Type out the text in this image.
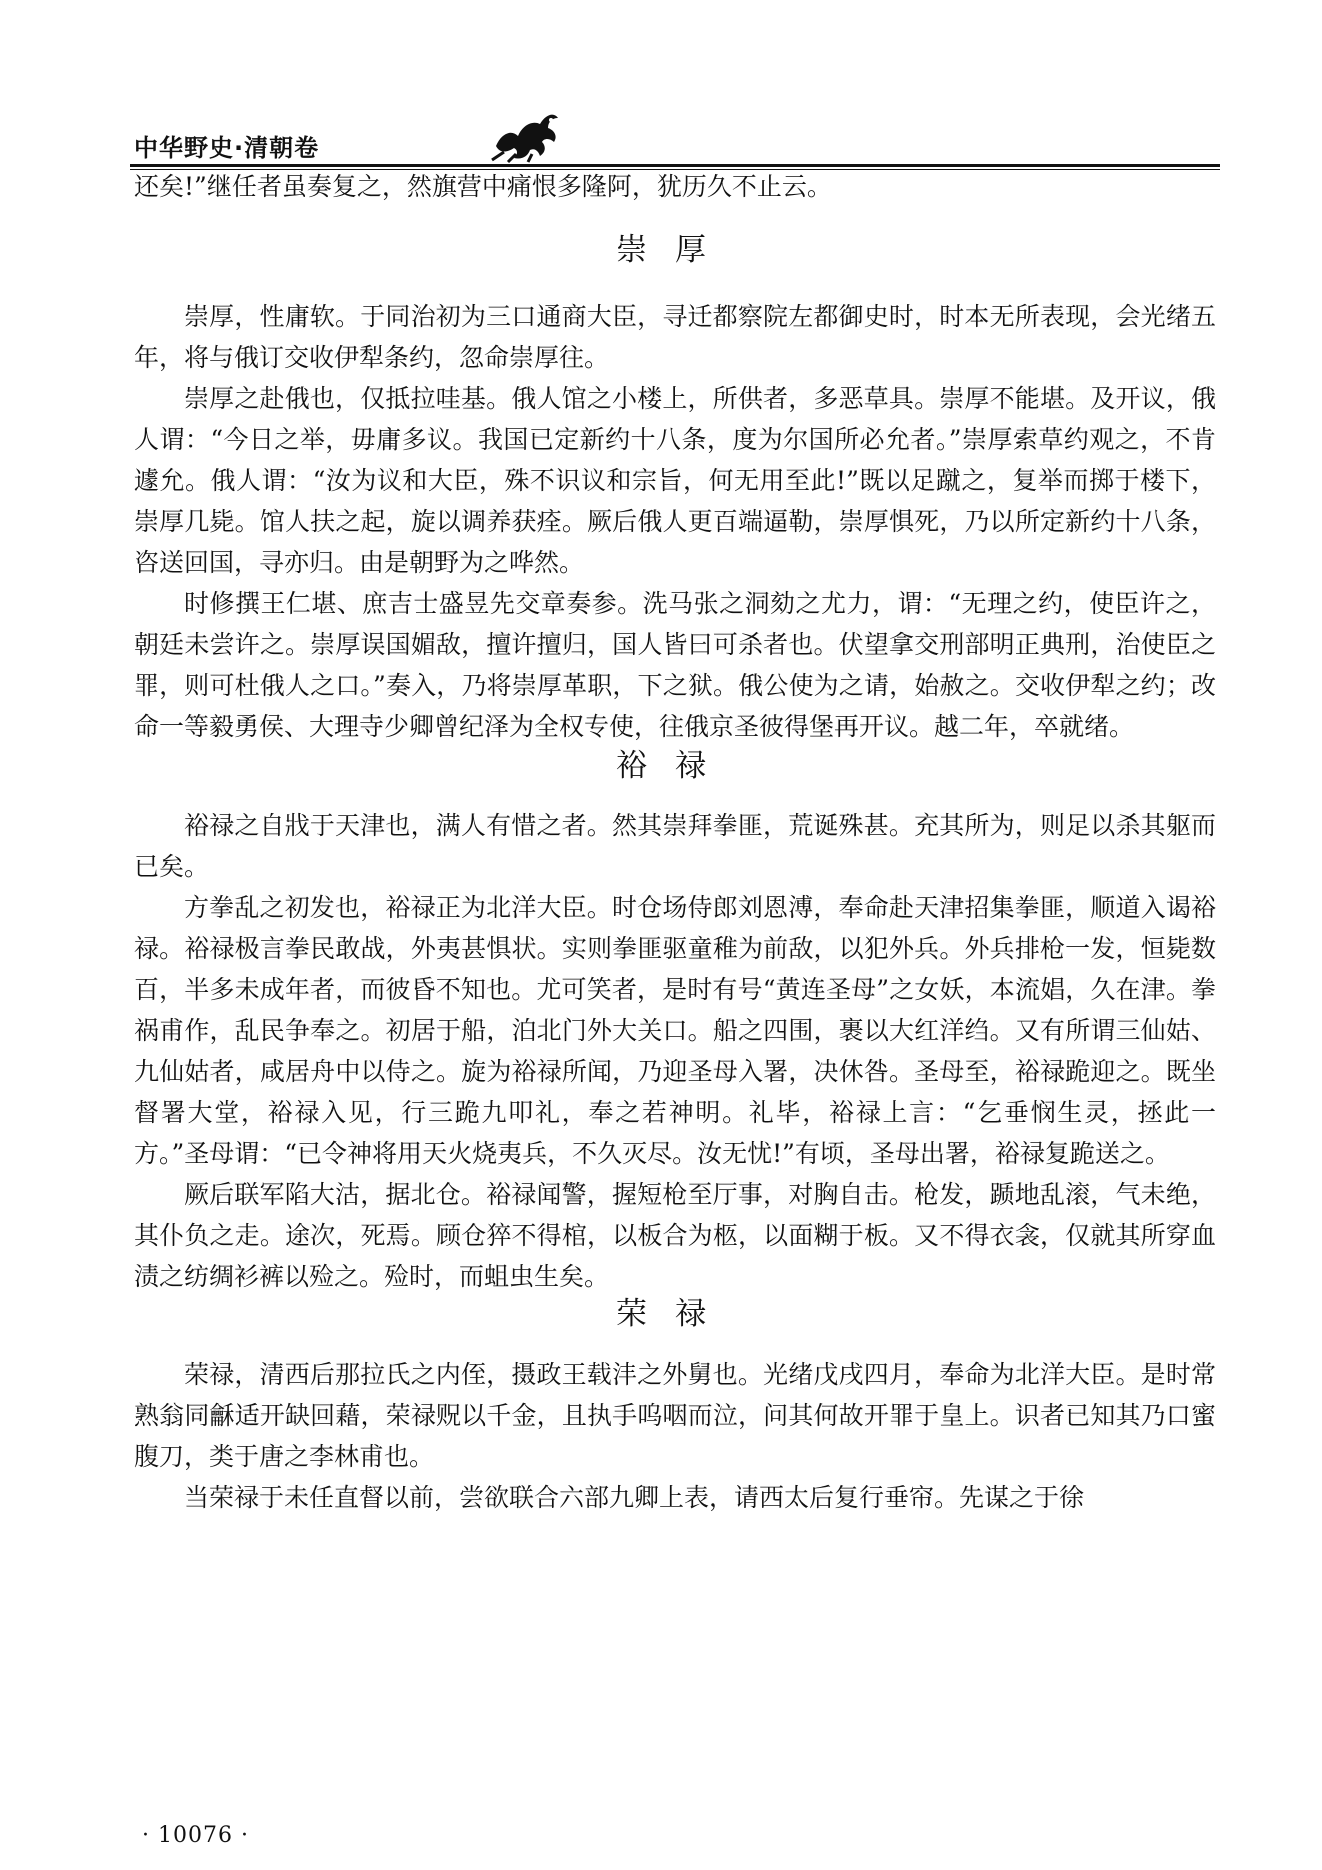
中华野史·清朝卷

还矣!”继任者虽奏复之，然旗营中痛恨多隆阿，犹历久不止云。

崇厚

崇厚，性庸软。于同治初为三口通商大臣，寻迁都察院左都御史时，时本无所表现，会光绪五年，将与俄订交收伊犁条约，忽命崇厚往。

崇厚之赴俄也，仅抵拉哇基。俄人馆之小楼上，所供者，多恶草具。崇厚不能堪。及开议，俄人谓：“今日之举，毋庸多议。我国已定新约十八条，度为尔国所必允者。”崇厚索草约观之，不肯遽允。俄人谓：“汝为议和大臣，殊不识议和宗旨，何无用至此!”既以足蹴之，复举而掷于楼下，崇厚几毙。馆人扶之起，旋以调养获痊。厥后俄人更百端逼勒，崇厚惧死，乃以所定新约十八条，咨送回国，寻亦归。由是朝野为之哗然。

时修撰王仁堪、庶吉士盛昱先交章奏参。洗马张之洞劾之尤力，谓：“无理之约，使臣许之，朝廷未尝许之。崇厚误国媚敌，擅许擅归，国人皆曰可杀者也。伏望拿交刑部明正典刑，治使臣之罪，则可杜俄人之口。”奏入，乃将崇厚革职，下之狱。俄公使为之请，始赦之。交收伊犁之约；改命一等毅勇侯、大理寺少卿曾纪泽为全权专使，往俄京圣彼得堡再开议。越二年，卒就绪。

裕禄

裕禄之自戕于天津也，满人有惜之者。然其崇拜拳匪，荒诞殊甚。充其所为，则足以杀其躯而已矣。

方拳乱之初发也，裕禄正为北洋大臣。时仓场侍郎刘恩溥，奉命赴天津招集拳匪，顺道入谒裕禄。裕禄极言拳民敢战，外夷甚惧状。实则拳匪驱童稚为前敌，以犯外兵。外兵排枪一发，恒毙数百，半多未成年者，而彼昏不知也。尤可笑者，是时有号“黄连圣母”之女妖，本流娼，久在津。拳祸甫作，乱民争奉之。初居于船，泊北门外大关口。船之四围，裹以大红洋绉。又有所谓三仙姑、九仙姑者，咸居舟中以侍之。旋为裕禄所闻，乃迎圣母入署，决休咎。圣母至，裕禄跪迎之。既坐督署大堂，裕禄入见，行三跪九叩礼，奉之若神明。礼毕，裕禄上言：“乞垂悯生灵，拯此一方。”圣母谓：“已令神将用天火烧夷兵，不久灭尽。汝无忧!”有顷，圣母出署，裕禄复跪送之。

厥后联军陷大沽，据北仓。裕禄闻警，握短枪至厅事，对胸自击。枪发，踬地乱滚，气未绝，其仆负之走。途次，死焉。顾仓猝不得棺，以板合为柩，以面糊于板。又不得衣衾，仅就其所穿血渍之纺绸衫裤以殓之。殓时，而蛆虫生矣。

荣禄

荣禄，清西后那拉氏之内侄，摄政王载沣之外舅也。光绪戊戌四月，奉命为北洋大臣。是时常熟翁同龢适开缺回藉，荣禄贶以千金，且执手呜咽而泣，问其何故开罪于皇上。识者已知其乃口蜜腹刀，类于唐之李林甫也。

当荣禄于未任直督以前，尝欲联合六部九卿上表，请西太后复行垂帘。先谋之于徐

· 10076 ·
